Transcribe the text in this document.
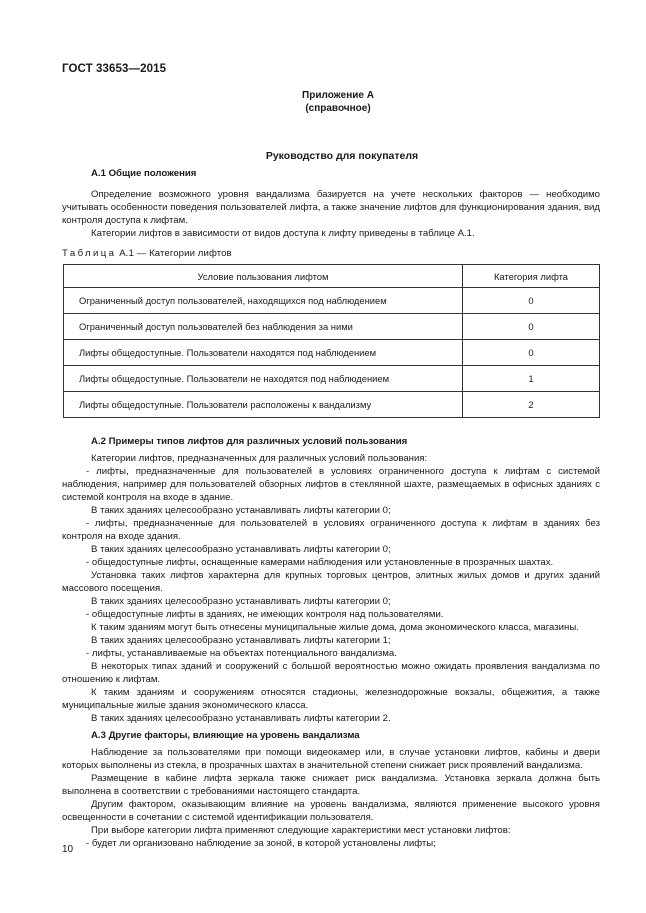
ГОСТ 33653—2015
Приложение А
(справочное)
Руководство для покупателя

А.1 Общие положения

Определение возможного уровня вандализма базируется на учете нескольких факторов — необходимо учитывать особенности поведения пользователей лифта, а также значение лифтов для функционирования здания, вид контроля доступа к лифтам.

Категории лифтов в зависимости от видов доступа к лифту приведены в таблице А.1.

Таблица А.1 — Категории лифтов

Условие пользования лифтом	Категория лифта
Ограниченный доступ пользователей, находящихся под наблюдением	0
Ограниченный доступ пользователей без наблюдения за ними	0
Лифты общедоступные. Пользователи находятся под наблюдением	0
Лифты общедоступные. Пользователи не находятся под наблюдением	1
Лифты общедоступные. Пользователи расположены к вандализму	2

А.2 Примеры типов лифтов для различных условий пользования

Категории лифтов, предназначенных для различных условий пользования:

- лифты, предназначенные для пользователей в условиях ограниченного доступа к лифтам с системой наблюдения, например для пользователей обзорных лифтов в стеклянной шахте, размещаемых в офисных зданиях с системой контроля на входе в здание.

В таких зданиях целесообразно устанавливать лифты категории 0;

- лифты, предназначенные для пользователей в условиях ограниченного доступа к лифтам в зданиях без контроля на входе здания.

В таких зданиях целесообразно устанавливать лифты категории 0;

- общедоступные лифты, оснащенные камерами наблюдения или установленные в прозрачных шахтах.

Установка таких лифтов характерна для крупных торговых центров, элитных жилых домов и других зданий массового посещения.

В таких зданиях целесообразно устанавливать лифты категории 0;

- общедоступные лифты в зданиях, не имеющих контроля над пользователями.

К таким зданиям могут быть отнесены муниципальные жилые дома, дома экономического класса, магазины.

В таких зданиях целесообразно устанавливать лифты категории 1;

- лифты, устанавливаемые на объектах потенциального вандализма.

В некоторых типах зданий и сооружений с большой вероятностью можно ожидать проявления вандализма по отношению к лифтам.

К таким зданиям и сооружениям относятся стадионы, железнодорожные вокзалы, общежития, а также муниципальные жилые здания экономического класса.

В таких зданиях целесообразно устанавливать лифты категории 2.

А.3 Другие факторы, влияющие на уровень вандализма

Наблюдение за пользователями при помощи видеокамер или, в случае установки лифтов, кабины и двери которых выполнены из стекла, в прозрачных шахтах в значительной степени снижает риск проявлений вандализма.

Размещение в кабине лифта зеркала также снижает риск вандализма. Установка зеркала должна быть выполнена в соответствии с требованиями настоящего стандарта.

Другим фактором, оказывающим влияние на уровень вандализма, являются применение высокого уровня освещенности в сочетании с системой идентификации пользователя.

При выборе категории лифта применяют следующие характеристики мест установки лифтов:

- будет ли организовано наблюдение за зоной, в которой установлены лифты;

10
